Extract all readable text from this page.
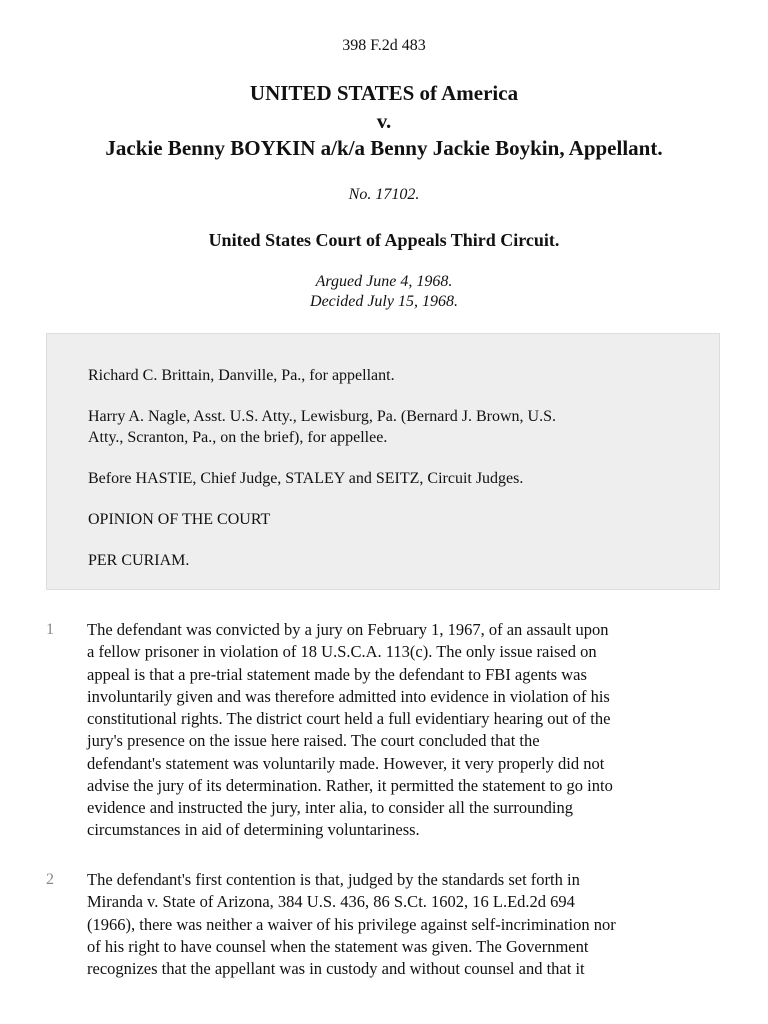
398 F.2d 483
UNITED STATES of America
v.
Jackie Benny BOYKIN a/k/a Benny Jackie Boykin, Appellant.
No. 17102.
United States Court of Appeals Third Circuit.
Argued June 4, 1968.
Decided July 15, 1968.

Richard C. Brittain, Danville, Pa., for appellant.

Harry A. Nagle, Asst. U.S. Atty., Lewisburg, Pa. (Bernard J. Brown, U.S.

Atty., Scranton, Pa., on the brief), for appellee.

Before HASTIE, Chief Judge, STALEY and SEITZ, Circuit Judges.

OPINION OF THE COURT

PER CURIAM.

1 The defendant was convicted by a jury on February 1, 1967, of an assault upon
a fellow prisoner in violation of 18 U.S.C.A. 113(c). The only issue raised on
appeal is that a pre-trial statement made by the defendant to FBI agents was
involuntarily given and was therefore admitted into evidence in violation of his
constitutional rights. The district court held a full evidentiary hearing out of the
jury's presence on the issue here raised. The court concluded that the
defendant's statement was voluntarily made. However, it very properly did not
advise the jury of its determination. Rather, it permitted the statement to go into
evidence and instructed the jury, inter alia, to consider all the surrounding
circumstances in aid of determining voluntariness.
2 The defendant's first contention is that, judged by the standards set forth in
Miranda v. State of Arizona, 384 U.S. 436, 86 S.Ct. 1602, 16 L.Ed.2d 694
(1966), there was neither a waiver of his privilege against self-incrimination nor
of his right to have counsel when the statement was given. The Government
recognizes that the appellant was in custody and without counsel and that it
